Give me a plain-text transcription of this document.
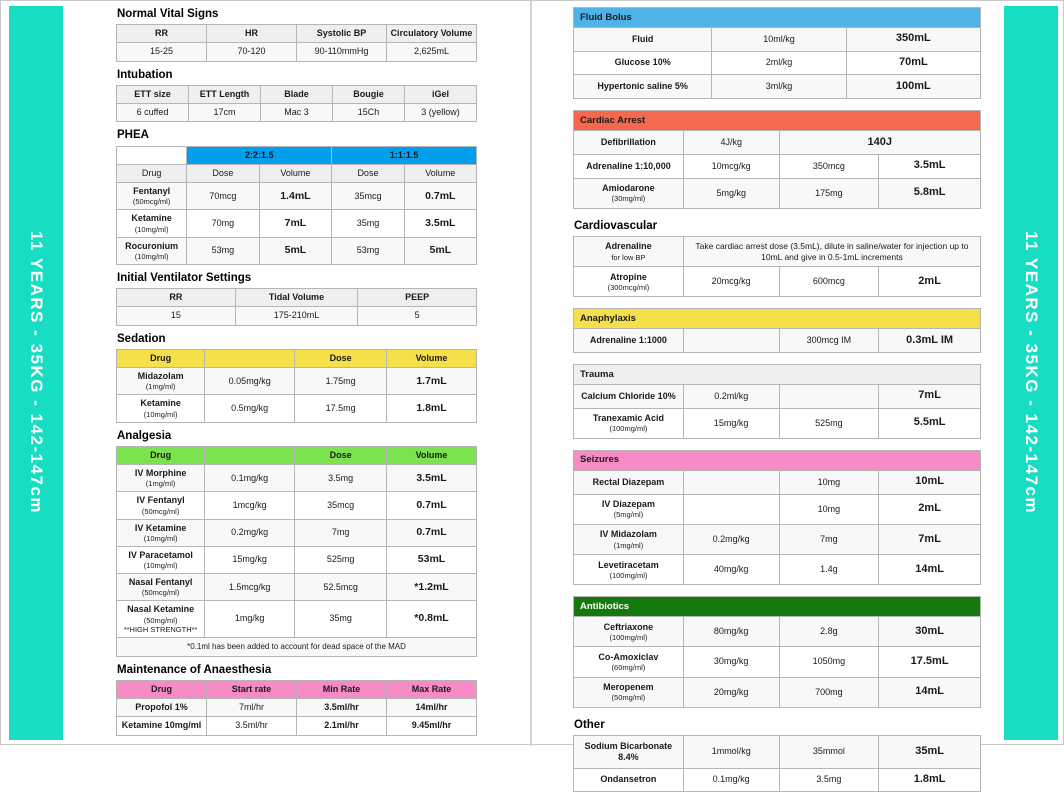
11 YEARS - 35KG - 142-147cm
Normal Vital Signs
RR	HR	Systolic BP	Circulatory Volume

15-25	70-120	90-110mmHg	2,625mL
Intubation
ETT size	ETT Length	Blade	Bougie	iGel

6 cuffed	17cm	Mac 3	15Ch	3 (yellow)
PHEA

	2:2:1.5		1:1:1.5	

Drug	Dose	Volume	Dose	Volume

Fentanyl
(50mcg/ml)	70mcg	1.4mL	35mcg	0.7mL

Ketamine
(10mg/ml)	70mg	7mL	35mg	3.5mL

Rocuronium
(10mg/ml)	53mg	5mL	53mg	5mL
Initial Ventilator Settings
RR	Tidal Volume	PEEP

15	175-210mL	5
Sedation
Drug		Dose	Volume

Midazolam
(1mg/ml)	0.05mg/kg	1.75mg	1.7mL

Ketamine
(10mg/ml)	0.5mg/kg	17.5mg	1.8mL
Analgesia
Drug		Dose	Volume

IV Morphine
(1mg/ml)	0.1mg/kg	3.5mg	3.5mL

IV Fentanyl
(50mcg/ml)	1mcg/kg	35mcg	0.7mL

IV Ketamine
(10mg/ml)	0.2mg/kg	7mg	0.7mL

IV Paracetamol
(10mg/ml)	15mg/kg	525mg	53mL

Nasal Fentanyl
(50mcg/ml)	1.5mcg/kg	52.5mcg	*1.2mL

Nasal Ketamine
(50mg/ml)
**HIGH STRENGTH**	1mg/kg	35mg	*0.8mL

*0.1ml has been added to account for dead space of the MAD			
Maintenance of Anaesthesia
Drug	Start rate	Min Rate	Max Rate

Propofol 1%	7ml/hr	3.5ml/hr	14ml/hr

Ketamine 10mg/ml	3.5ml/hr	2.1ml/hr	9.45ml/hr
Fluid Bolus		

Fluid	10ml/kg	350mL

Glucose 10%	2ml/kg	70mL

Hypertonic saline 5%	3ml/kg	100mL
Cardiac Arrest			

Defibrillation	4J/kg	140J	

Adrenaline 1:10,000	10mcg/kg	350mcg	3.5mL

Amiodarone
(30mg/ml)	5mg/kg	175mg	5.8mL
Cardiovascular
Adrenaline
for low BP	Take cardiac arrest dose (3.5mL), dilute in saline/water for injection up to 10mL and give in 0.5-1mL increments		

Atropine
(300mcg/ml)	20mcg/kg	600mcg	2mL
Anaphylaxis

Adrenaline 1:1000		300mcg IM	0.3mL IM
Trauma			

Calcium Chloride 10%	0.2ml/kg		7mL

Tranexamic Acid
(100mg/ml)	15mg/kg	525mg	5.5mL
Seizures			

Rectal Diazepam		10mg	10mL

IV Diazepam
(5mg/ml)		10mg	2mL

IV Midazolam
(1mg/ml)	0.2mg/kg	7mg	7mL

Levetiracetam
(100mg/ml)	40mg/kg	1.4g	14mL
Antibiotics			

Ceftriaxone
(100mg/ml)	80mg/kg	2.8g	30mL

Co-Amoxiclav
(60mg/ml)	30mg/kg	1050mg	17.5mL

Meropenem
(50mg/ml)	20mg/kg	700mg	14mL
Other
Sodium Bicarbonate 8.4%	1mmol/kg	35mmol	35mL

Ondansetron	0.1mg/kg	3.5mg	1.8mL
11 YEARS - 35KG - 142-147cm
